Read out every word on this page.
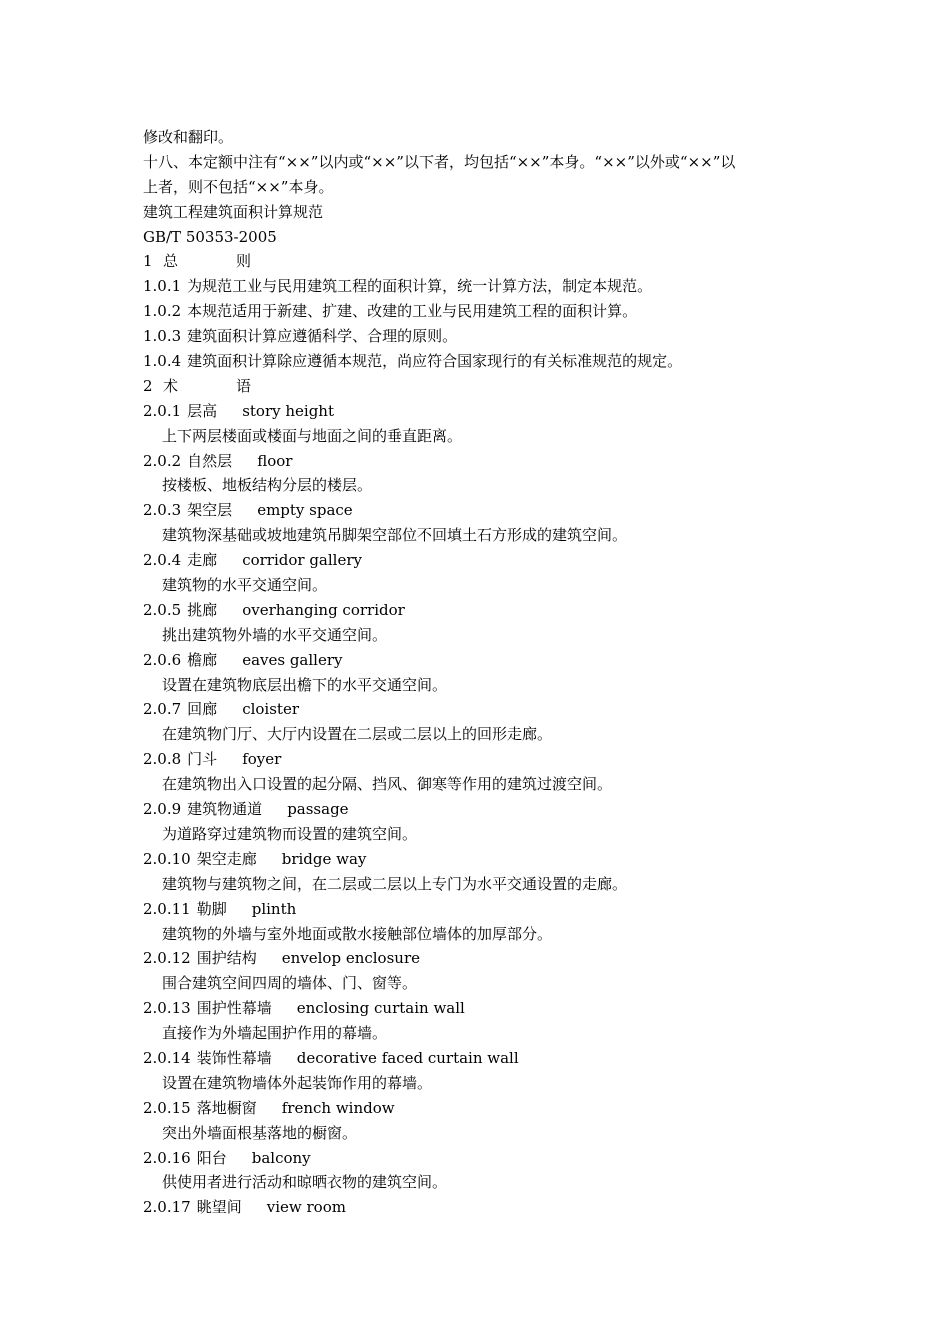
修改和翻印。
十八、本定额中注有“××”以内或“××”以下者，均包括“××”本身。“××”以外或“××”以
上者，则不包括“××”本身。
建筑工程建筑面积计算规范
GB/T 50353-2005
1 总	则
1.0.1 为规范工业与民用建筑工程的面积计算，统一计算方法，制定本规范。
1.0.2 本规范适用于新建、扩建、改建的工业与民用建筑工程的面积计算。
1.0.3 建筑面积计算应遵循科学、合理的原则。
1.0.4 建筑面积计算除应遵循本规范，尚应符合国家现行的有关标准规范的规定。
2 术	语
2.0.1 层高 story height
上下两层楼面或楼面与地面之间的垂直距离。
2.0.2 自然层 floor
按楼板、地板结构分层的楼层。
2.0.3 架空层 empty space
建筑物深基础或坡地建筑吊脚架空部位不回填土石方形成的建筑空间。
2.0.4 走廊 corridor gallery
建筑物的水平交通空间。
2.0.5 挑廊 overhanging corridor
挑出建筑物外墙的水平交通空间。
2.0.6 檐廊 eaves gallery
设置在建筑物底层出檐下的水平交通空间。
2.0.7 回廊 cloister
在建筑物门厅、大厅内设置在二层或二层以上的回形走廊。
2.0.8 门斗 foyer
在建筑物出入口设置的起分隔、挡风、御寒等作用的建筑过渡空间。
2.0.9 建筑物通道 passage
为道路穿过建筑物而设置的建筑空间。
2.0.10 架空走廊 bridge way
建筑物与建筑物之间，在二层或二层以上专门为水平交通设置的走廊。
2.0.11 勒脚 plinth
建筑物的外墙与室外地面或散水接触部位墙体的加厚部分。
2.0.12 围护结构 envelop enclosure
围合建筑空间四周的墙体、门、窗等。
2.0.13 围护性幕墙 enclosing curtain wall
直接作为外墙起围护作用的幕墙。
2.0.14 装饰性幕墙 decorative faced curtain wall
设置在建筑物墙体外起装饰作用的幕墙。
2.0.15 落地橱窗 french window
突出外墙面根基落地的橱窗。
2.0.16 阳台 balcony
供使用者进行活动和晾晒衣物的建筑空间。
2.0.17 眺望间 view room
